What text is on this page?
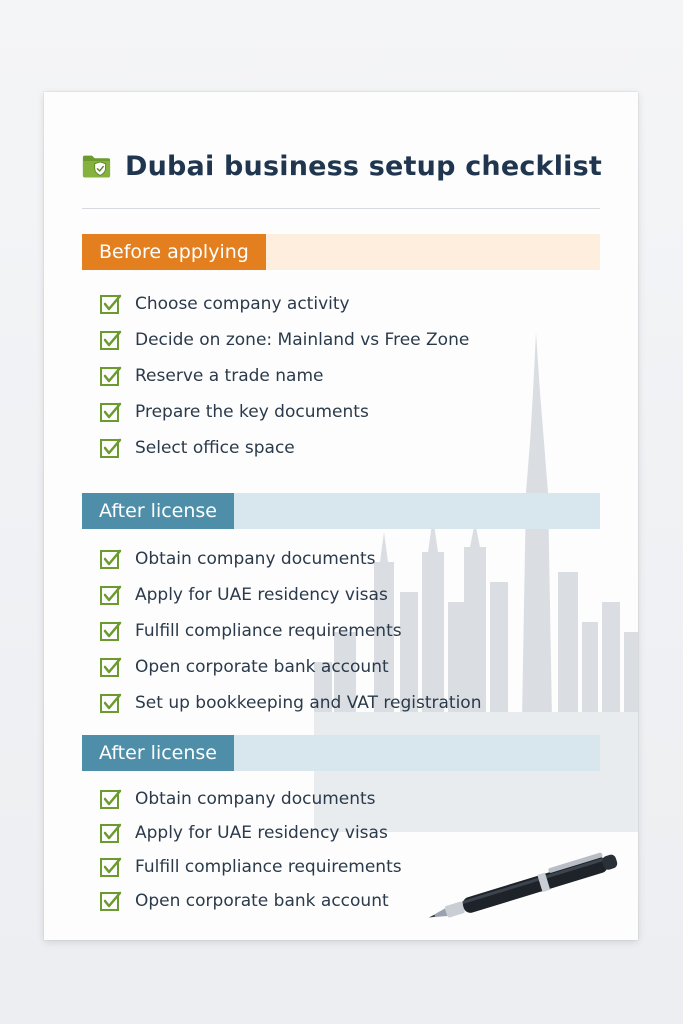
Dubai business setup checklist
Before applying
Choose company activity
Decide on zone: Mainland vs Free Zone
Reserve a trade name
Prepare the key documents
Select office space
After license
Obtain company documents
Apply for UAE residency visas
Fulfill compliance requirements
Open corporate bank account
Set up bookkeeping and VAT registration
After license
Obtain company documents
Apply for UAE residency visas
Fulfill compliance requirements
Open corporate bank account
